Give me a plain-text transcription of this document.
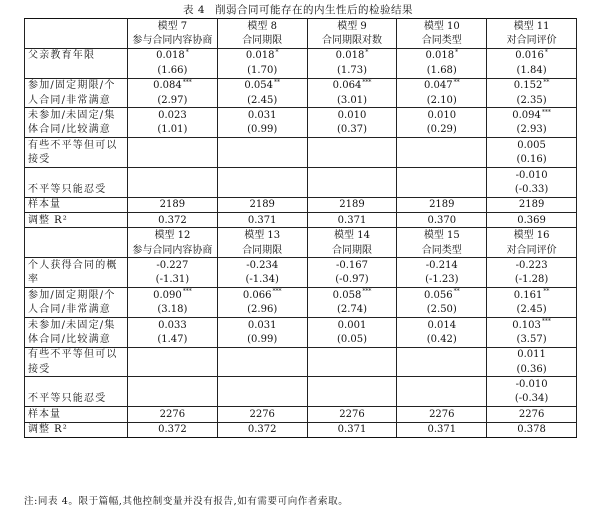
表 4 削弱合同可能存在的内生性后的检验结果
	模型 7	模型 8	模型 9	模型 10	模型 11
	参与合同内容协商	合同期限	合同期限对数	合同类型	对合同评价
父亲教育年限	0.018*	0.018*	0.018*	0.018*	0.016*
	(1.66)	(1.70)	(1.73)	(1.68)	(1.84)
参加/固定期限/个	0.084***	0.054**	0.064***	0.047**	0.152**
人合同/非常满意	(2.97)	(2.45)	(3.01)	(2.10)	(2.35)
未参加/未固定/集	0.023	0.031	0.010	0.010	0.094***
体合同/比较满意	(1.01)	(0.99)	(0.37)	(0.29)	(2.93)
有些不平等但可以					0.005
接受					(0.16)
					-0.010
不平等只能忍受					(-0.33)
样本量	2189	2189	2189	2189	2189
调整 R²	0.372	0.371	0.371	0.370	0.369
	模型 12	模型 13	模型 14	模型 15	模型 16
	参与合同内容协商	合同期限	合同期限	合同类型	对合同评价
个人获得合同的概	-0.227	-0.234	-0.167	-0.214	-0.223
率	(-1.31)	(-1.34)	(-0.97)	(-1.23)	(-1.28)
参加/固定期限/个	0.090***	0.066***	0.058***	0.056**	0.161**
人合同/非常满意	(3.18)	(2.96)	(2.74)	(2.50)	(2.45)
未参加/未固定/集	0.033	0.031	0.001	0.014	0.103***
体合同/比较满意	(1.47)	(0.99)	(0.05)	(0.42)	(3.57)
有些不平等但可以					0.011
接受					(0.36)
					-0.010
不平等只能忍受					(-0.34)
样本量	2276	2276	2276	2276	2276
调整 R²	0.372	0.372	0.371	0.371	0.378
注:同表 4。限于篇幅,其他控制变量并没有报告,如有需要可向作者索取。
